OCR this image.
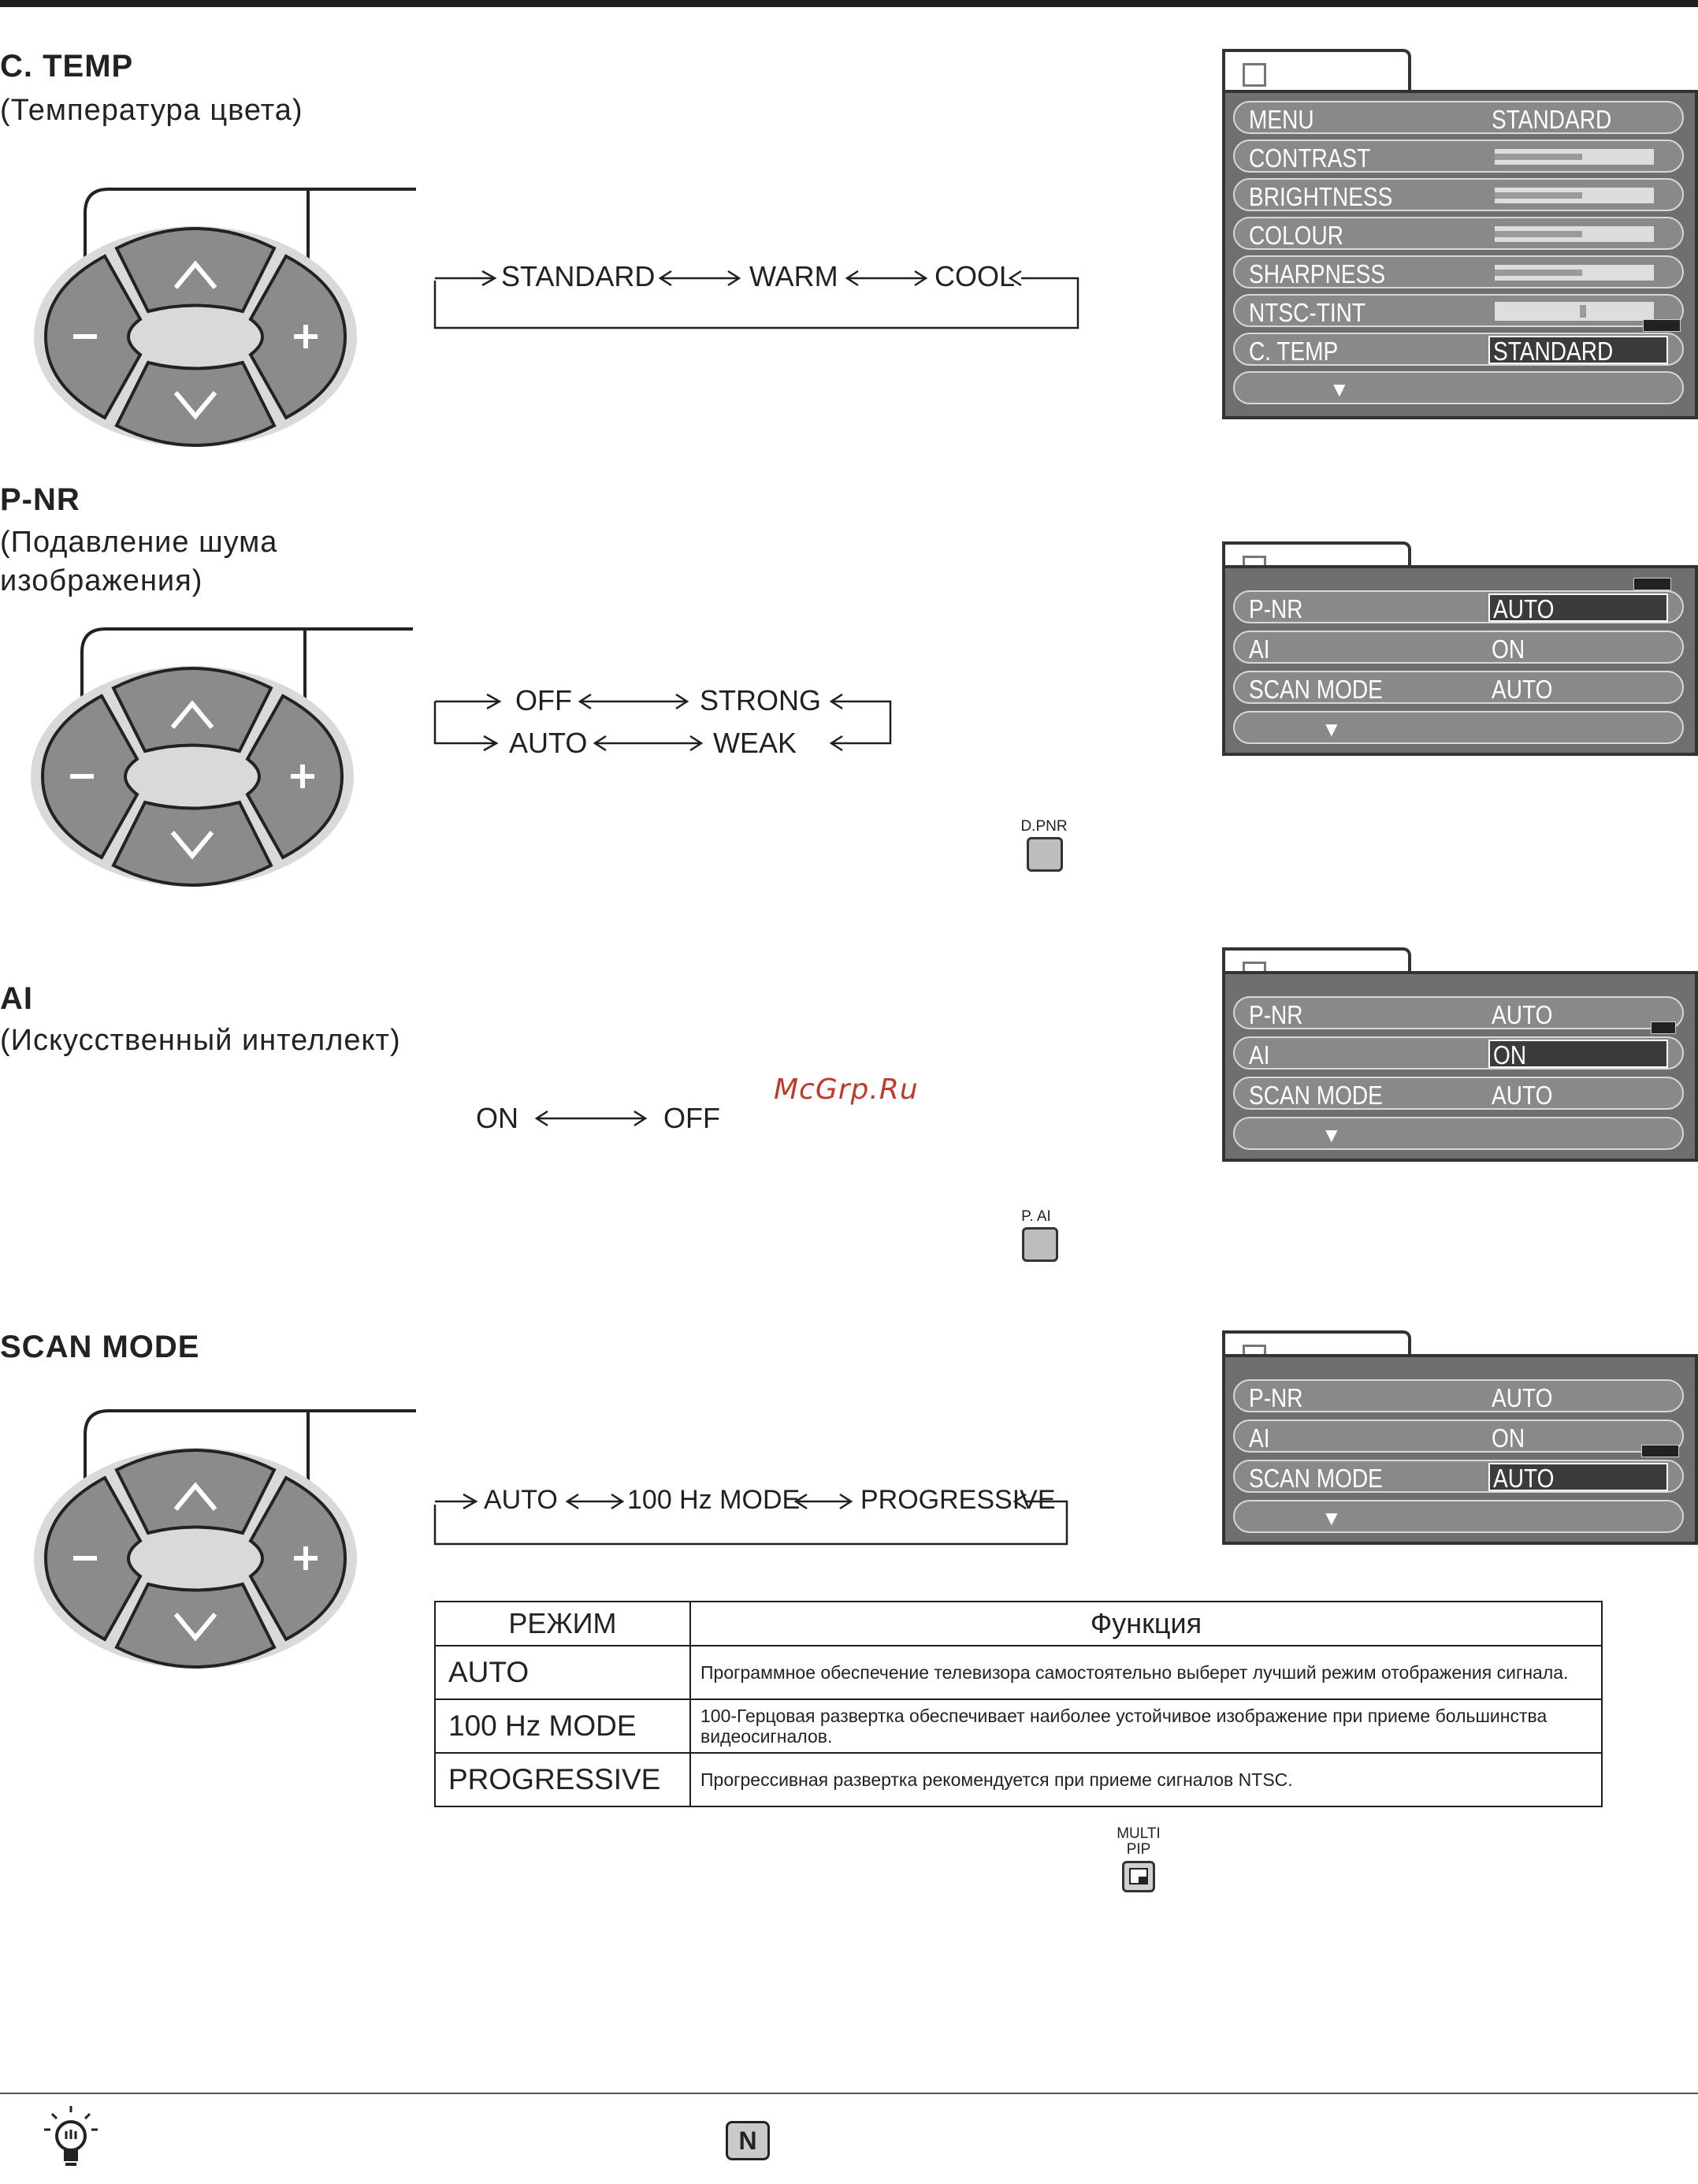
C. TEMP
(Температура цвета)
STANDARD	WARM	COOL
MENU	STANDARD
CONTRAST
BRIGHTNESS
COLOUR
SHARPNESS
NTSC-TINT
C. TEMP	STANDARD
▼
P-NR
(Подавление шума
изображения)
OFF	STRONG
AUTO	WEAK
P-NR	AUTO
AI	ON
SCAN MODE	AUTO
▼
D.PNR
AI
(Искусственный интеллект)
ON	OFF
McGrp.Ru
P-NR	AUTO
AI	ON
SCAN MODE	AUTO
▼
P. AI
SCAN MODE
AUTO	100 Hz MODE PROGRESSIVE
P-NR	AUTO
AI	ON
SCAN MODE	AUTO
▼
РЕЖИМ	Функция
AUTO	Программное обеспечение телевизора самостоятельно выберет лучший режим отображения сигнала.
100 Hz MODE	100-Герцовая развертка обеспечивает наиболее устойчивое изображение при приеме большинства видеосигналов.
PROGRESSIVE	Прогрессивная развертка рекомендуется при приеме сигналов NTSC.
MULTI
PIP
N
